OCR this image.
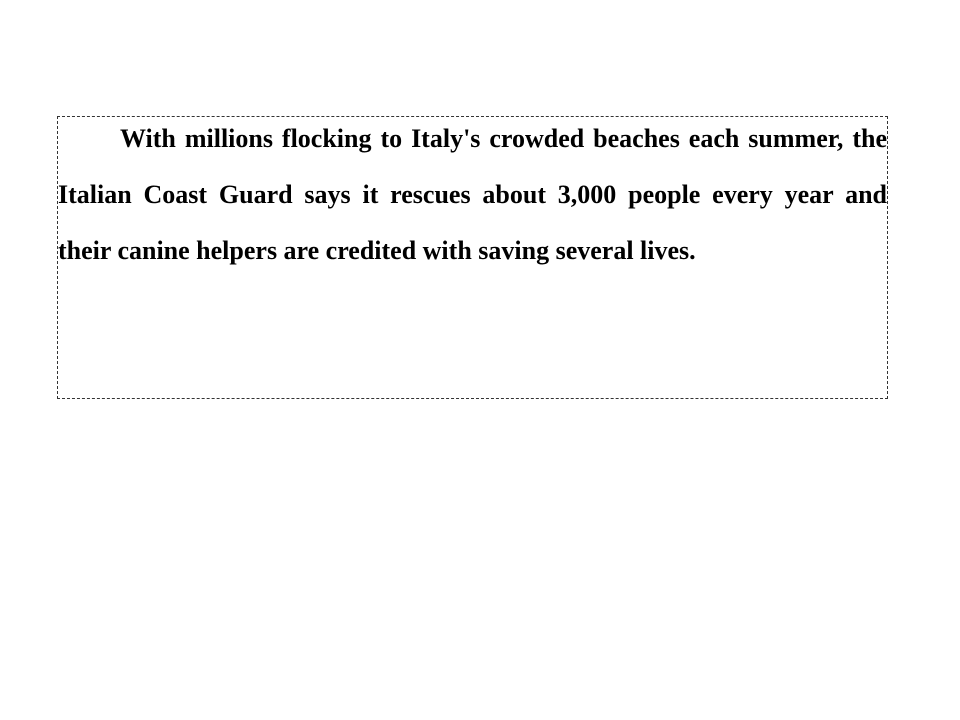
With millions flocking to Italy's crowded beaches each summer, the Italian Coast Guard says it rescues about 3,000 people every year and their canine helpers are credited with saving several lives.
